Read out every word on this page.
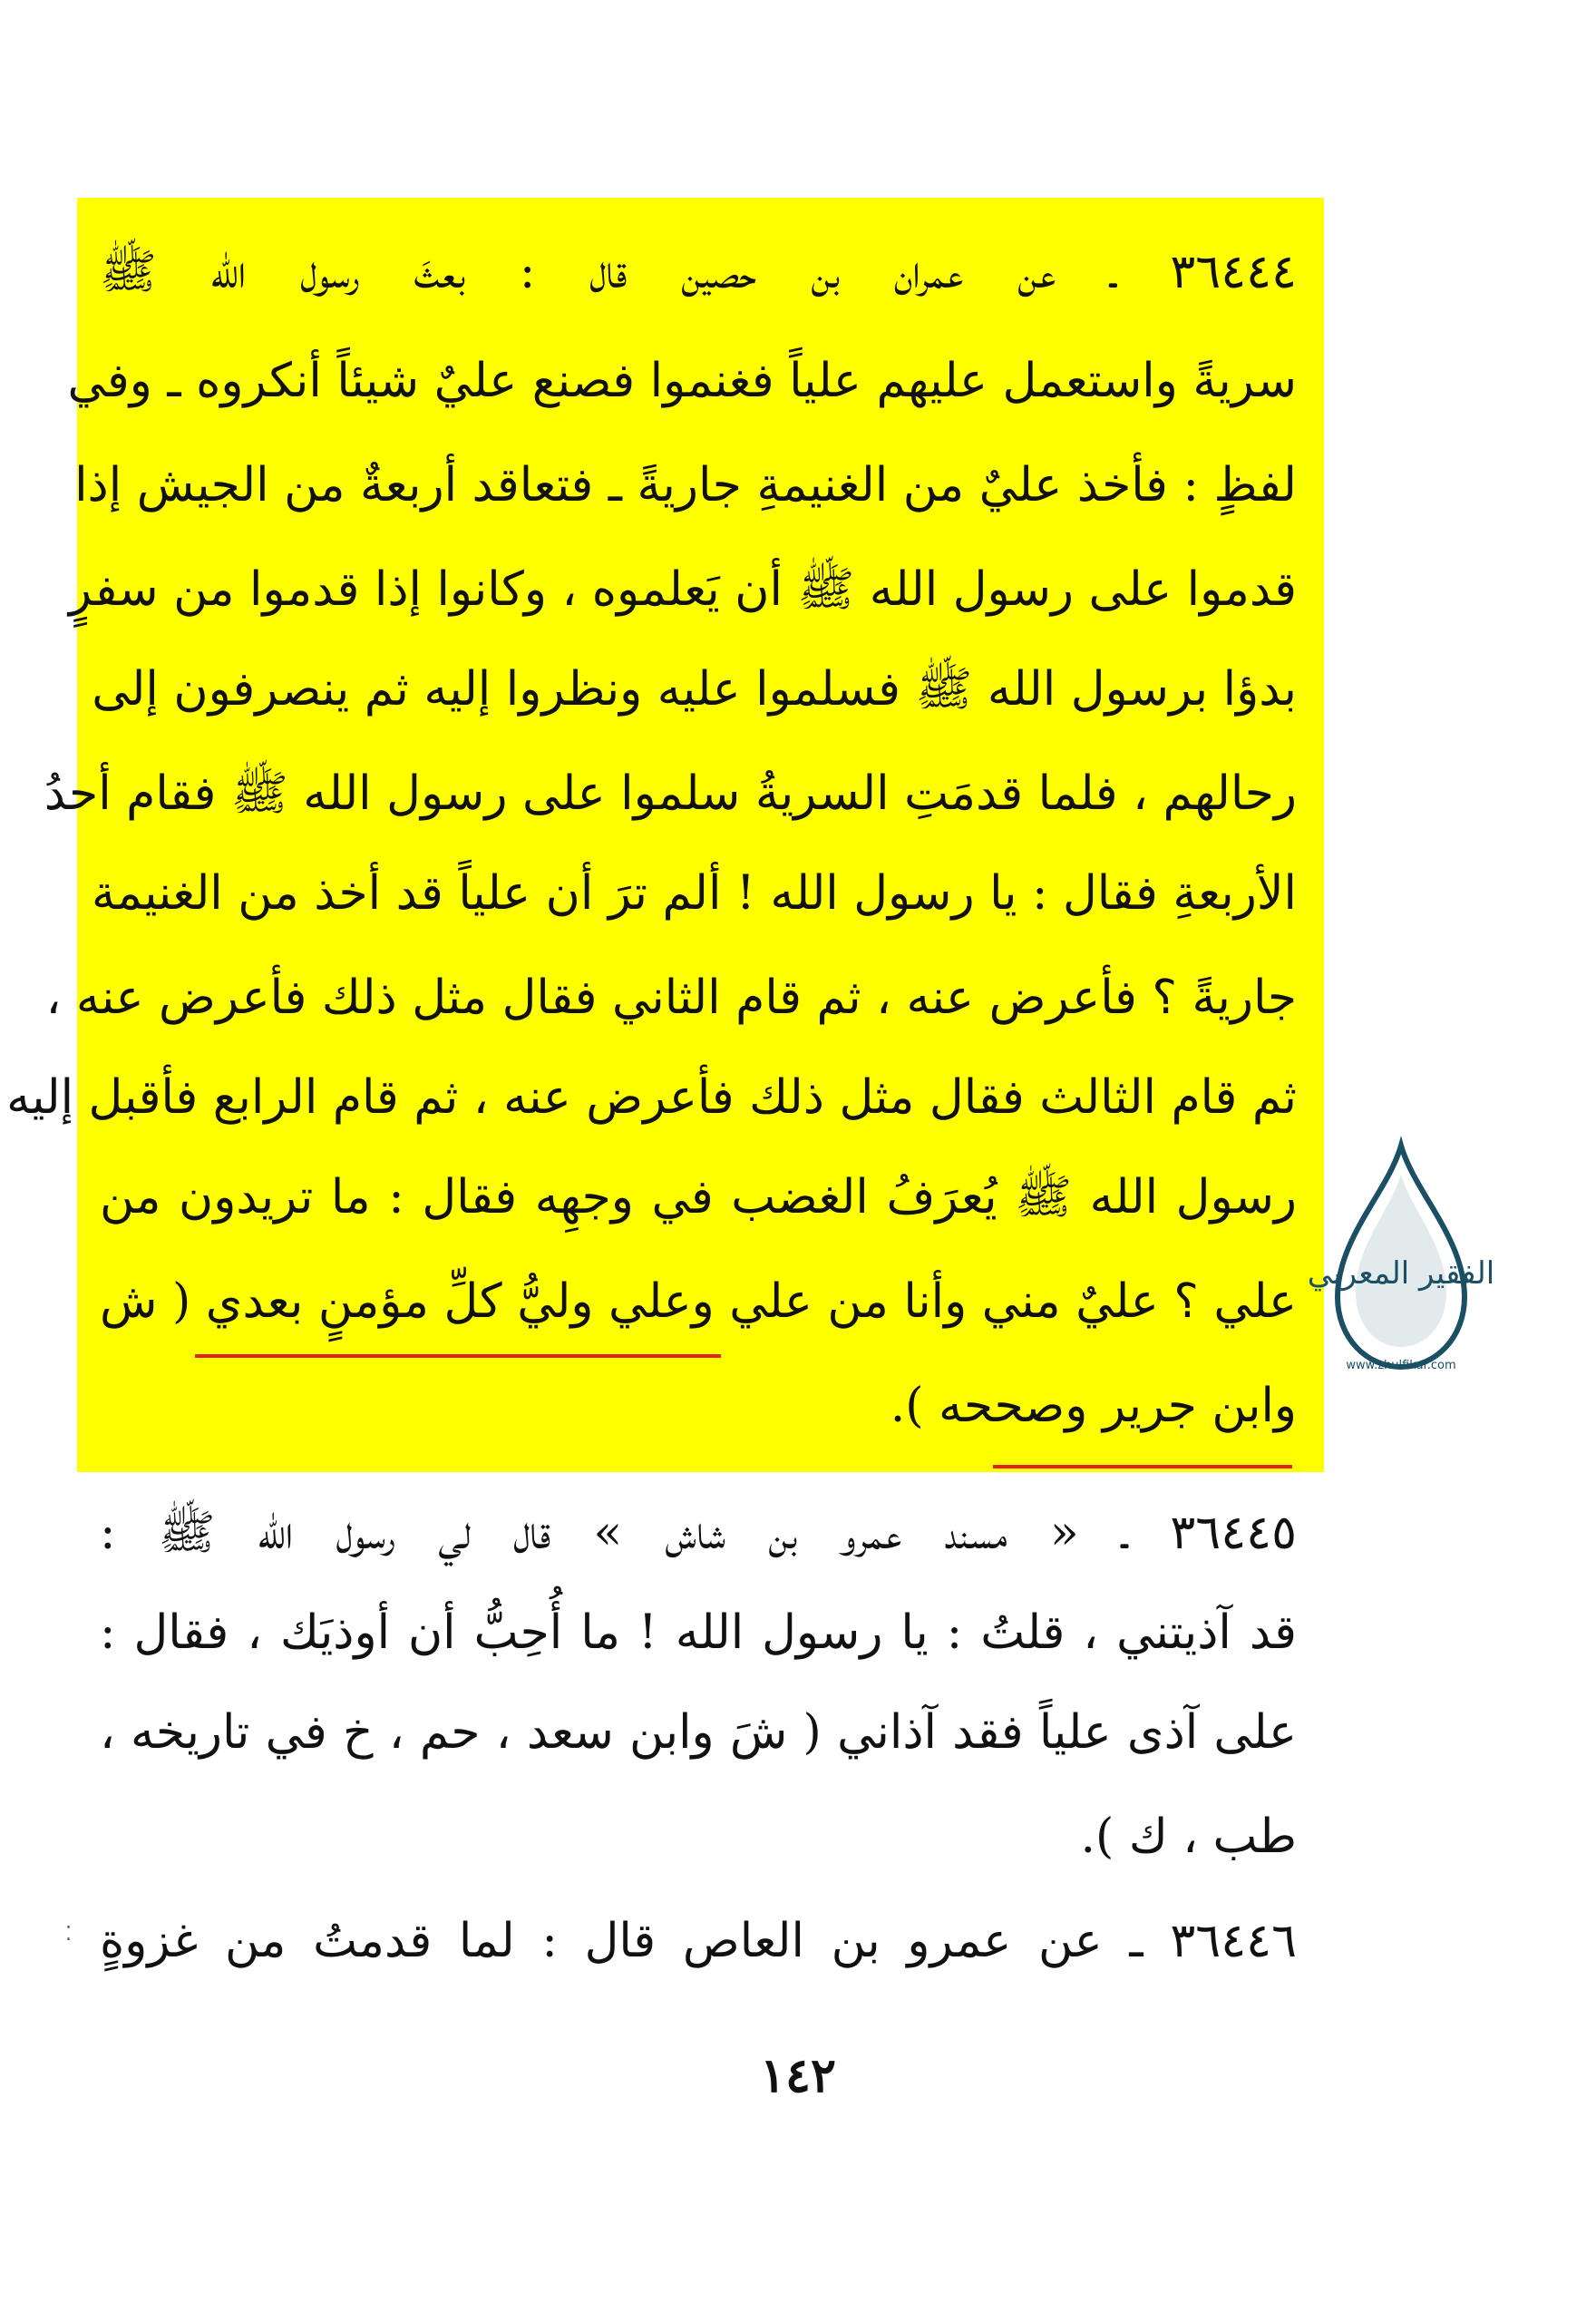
٣٦٤٤٤ ـ عن عمران بن حصين قال : بعثَ رسول الله ﷺ
سريةً واستعمل عليهم علياً فغنموا فصنع عليٌ شيئاً أنكروه ـ وفي
لفظٍ : فأخذ عليٌ من الغنيمةِ جاريةً ـ فتعاقد أربعةٌ من الجيش إذا
قدموا على رسول الله ﷺ أن يَعلموه ، وكانوا إذا قدموا من سفرٍ
بدؤا برسول الله ﷺ فسلموا عليه ونظروا إليه ثم ينصرفون إلى
رحالهم ، فلما قدمَتِ السريةُ سلموا على رسول الله ﷺ فقام أحدُ
الأربعةِ فقال : يا رسول الله ! ألم ترَ أن علياً قد أخذ من الغنيمة
جاريةً ؟ فأعرض عنه ، ثم قام الثاني فقال مثل ذلك فأعرض عنه ،
ثم قام الثالث فقال مثل ذلك فأعرض عنه ، ثم قام الرابع فأقبل إليه
رسول الله ﷺ يُعرَفُ الغضب في وجهِه فقال : ما تريدون من
علي ؟ عليٌ مني وأنا من علي وعلي وليُّ كلِّ مؤمنٍ بعدي ( ش
وابن جرير وصححه ).
٣٦٤٤٥ ـ « مسند عمرو بن شاش » قال لي رسول الله ﷺ :
قد آذيتني ، قلتُ : يا رسول الله ! ما أُحِبُّ أن أوذيَك ، فقال :
على آذى علياً فقد آذاني ( شَ وابن سعد ، حم ، خ في تاريخه ،
طب ، ك ).
٣٦٤٤٦ ـ عن عمرو بن العاص قال : لما قدمتُ من غزوةٍ
⁚
١٤٢
الفقير المعربي
www.zhulfikar.com
